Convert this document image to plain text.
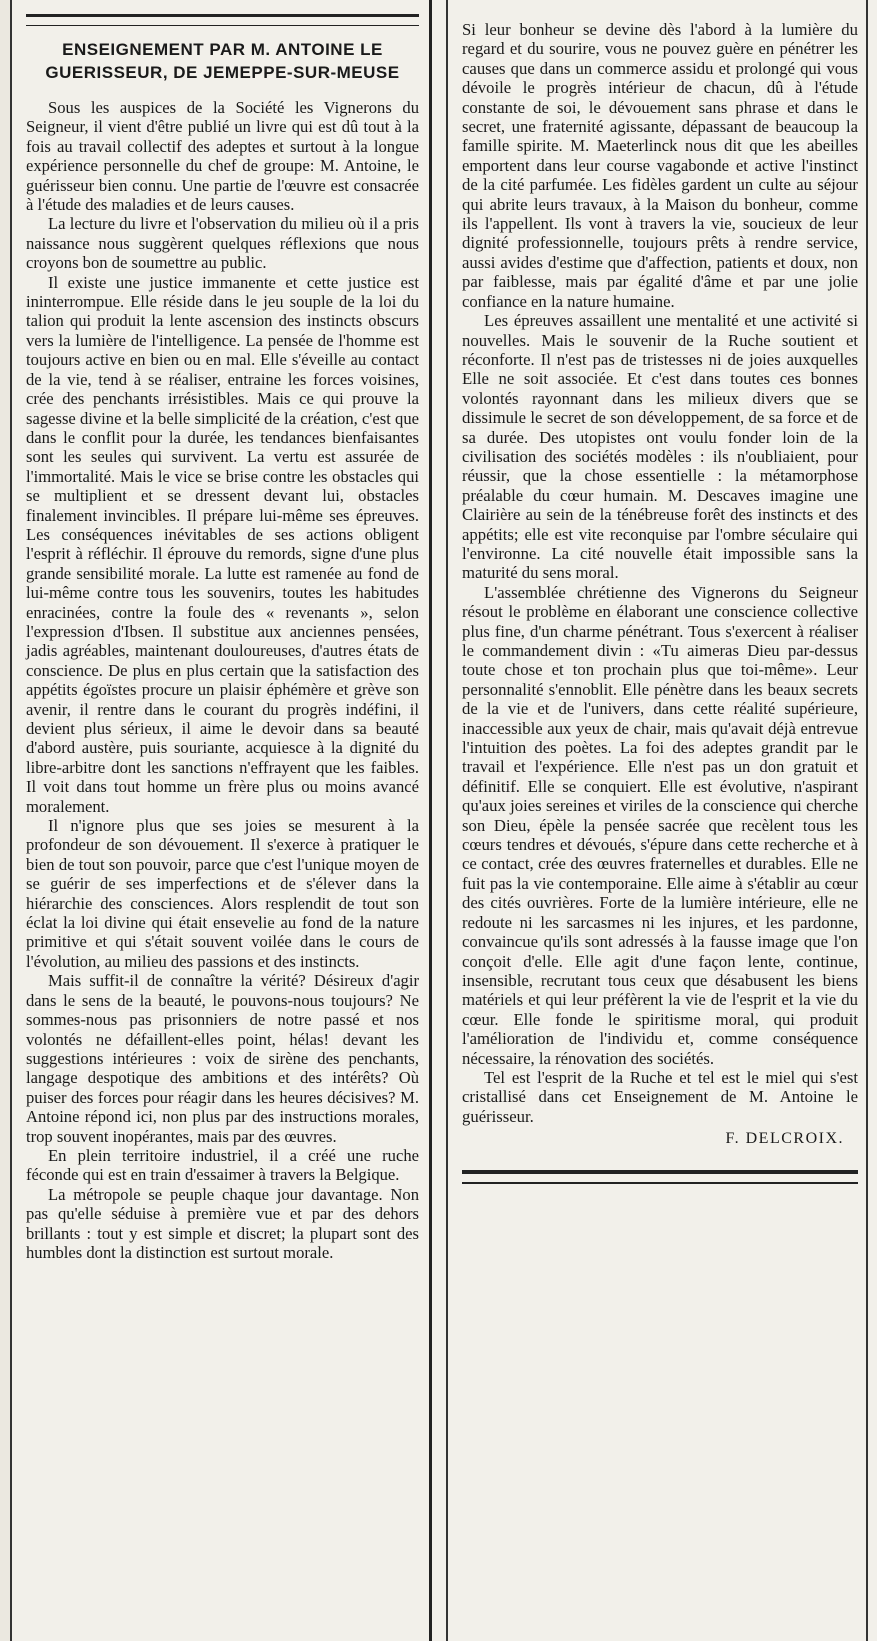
ENSEIGNEMENT PAR M. ANTOINE LE GUERISSEUR, DE JEMEPPE-SUR-MEUSE

Sous les auspices de la Société les Vignerons du Seigneur, il vient d'être publié un livre qui est dû tout à la fois au travail collectif des adeptes et surtout à la longue expérience personnelle du chef de groupe: M. Antoine, le guérisseur bien connu. Une partie de l'œuvre est consacrée à l'étude des maladies et de leurs causes.

La lecture du livre et l'observation du milieu où il a pris naissance nous suggèrent quelques réflexions que nous croyons bon de soumettre au public.

Il existe une justice immanente et cette justice est ininterrompue. Elle réside dans le jeu souple de la loi du talion qui produit la lente ascension des instincts obscurs vers la lumière de l'intelligence. La pensée de l'homme est toujours active en bien ou en mal. Elle s'éveille au contact de la vie, tend à se réaliser, entraine les forces voisines, crée des penchants irrésistibles. Mais ce qui prouve la sagesse divine et la belle simplicité de la création, c'est que dans le conflit pour la durée, les tendances bienfaisantes sont les seules qui survivent. La vertu est assurée de l'immortalité. Mais le vice se brise contre les obstacles qui se multiplient et se dressent devant lui, obstacles finalement invincibles. Il prépare lui-même ses épreuves. Les conséquences inévitables de ses actions obligent l'esprit à réfléchir. Il éprouve du remords, signe d'une plus grande sensibilité morale. La lutte est ramenée au fond de lui-même contre tous les souvenirs, toutes les habitudes enracinées, contre la foule des « revenants », selon l'expression d'Ibsen. Il substitue aux anciennes pensées, jadis agréables, maintenant douloureuses, d'autres états de conscience. De plus en plus certain que la satisfaction des appétits égoïstes procure un plaisir éphémère et grève son avenir, il rentre dans le courant du progrès indéfini, il devient plus sérieux, il aime le devoir dans sa beauté d'abord austère, puis souriante, acquiesce à la dignité du libre-arbitre dont les sanctions n'effrayent que les faibles. Il voit dans tout homme un frère plus ou moins avancé moralement.

Il n'ignore plus que ses joies se mesurent à la profondeur de son dévouement. Il s'exerce à pratiquer le bien de tout son pouvoir, parce que c'est l'unique moyen de se guérir de ses imperfections et de s'élever dans la hiérarchie des consciences. Alors resplendit de tout son éclat la loi divine qui était ensevelie au fond de la nature primitive et qui s'était souvent voilée dans le cours de l'évolution, au milieu des passions et des instincts.

Mais suffit-il de connaître la vérité? Désireux d'agir dans le sens de la beauté, le pouvons-nous toujours? Ne sommes-nous pas prisonniers de notre passé et nos volontés ne défaillent-elles point, hélas! devant les suggestions intérieures : voix de sirène des penchants, langage despotique des ambitions et des intérêts? Où puiser des forces pour réagir dans les heures décisives? M. Antoine répond ici, non plus par des instructions morales, trop souvent inopérantes, mais par des œuvres.

En plein territoire industriel, il a créé une ruche féconde qui est en train d'essaimer à travers la Belgique.

La métropole se peuple chaque jour davantage. Non pas qu'elle séduise à première vue et par des dehors brillants : tout y est simple et discret; la plupart sont des humbles dont la distinction est surtout morale.

Si leur bonheur se devine dès l'abord à la lumière du regard et du sourire, vous ne pouvez guère en pénétrer les causes que dans un commerce assidu et prolongé qui vous dévoile le progrès intérieur de chacun, dû à l'étude constante de soi, le dévouement sans phrase et dans le secret, une fraternité agissante, dépassant de beaucoup la famille spirite. M. Maeterlinck nous dit que les abeilles emportent dans leur course vagabonde et active l'instinct de la cité parfumée. Les fidèles gardent un culte au séjour qui abrite leurs travaux, à la Maison du bonheur, comme ils l'appellent. Ils vont à travers la vie, soucieux de leur dignité professionnelle, toujours prêts à rendre service, aussi avides d'estime que d'affection, patients et doux, non par faiblesse, mais par égalité d'âme et par une jolie confiance en la nature humaine.

Les épreuves assaillent une mentalité et une activité si nouvelles. Mais le souvenir de la Ruche soutient et réconforte. Il n'est pas de tristesses ni de joies auxquelles Elle ne soit associée. Et c'est dans toutes ces bonnes volontés rayonnant dans les milieux divers que se dissimule le secret de son développement, de sa force et de sa durée. Des utopistes ont voulu fonder loin de la civilisation des sociétés modèles : ils n'oubliaient, pour réussir, que la chose essentielle : la métamorphose préalable du cœur humain. M. Descaves imagine une Clairière au sein de la ténébreuse forêt des instincts et des appétits; elle est vite reconquise par l'ombre séculaire qui l'environne. La cité nouvelle était impossible sans la maturité du sens moral.

L'assemblée chrétienne des Vignerons du Seigneur résout le problème en élaborant une conscience collective plus fine, d'un charme pénétrant. Tous s'exercent à réaliser le commandement divin : «Tu aimeras Dieu par-dessus toute chose et ton prochain plus que toi-même». Leur personnalité s'ennoblit. Elle pénètre dans les beaux secrets de la vie et de l'univers, dans cette réalité supérieure, inaccessible aux yeux de chair, mais qu'avait déjà entrevue l'intuition des poètes. La foi des adeptes grandit par le travail et l'expérience. Elle n'est pas un don gratuit et définitif. Elle se conquiert. Elle est évolutive, n'aspirant qu'aux joies sereines et viriles de la conscience qui cherche son Dieu, épèle la pensée sacrée que recèlent tous les cœurs tendres et dévoués, s'épure dans cette recherche et à ce contact, crée des œuvres fraternelles et durables. Elle ne fuit pas la vie contemporaine. Elle aime à s'établir au cœur des cités ouvrières. Forte de la lumière intérieure, elle ne redoute ni les sarcasmes ni les injures, et les pardonne, convaincue qu'ils sont adressés à la fausse image que l'on conçoit d'elle. Elle agit d'une façon lente, continue, insensible, recrutant tous ceux que désabusent les biens matériels et qui leur préfèrent la vie de l'esprit et la vie du cœur. Elle fonde le spiritisme moral, qui produit l'amélioration de l'individu et, comme conséquence nécessaire, la rénovation des sociétés.

Tel est l'esprit de la Ruche et tel est le miel qui s'est cristallisé dans cet Enseignement de M. Antoine le guérisseur.

F. DELCROIX.
